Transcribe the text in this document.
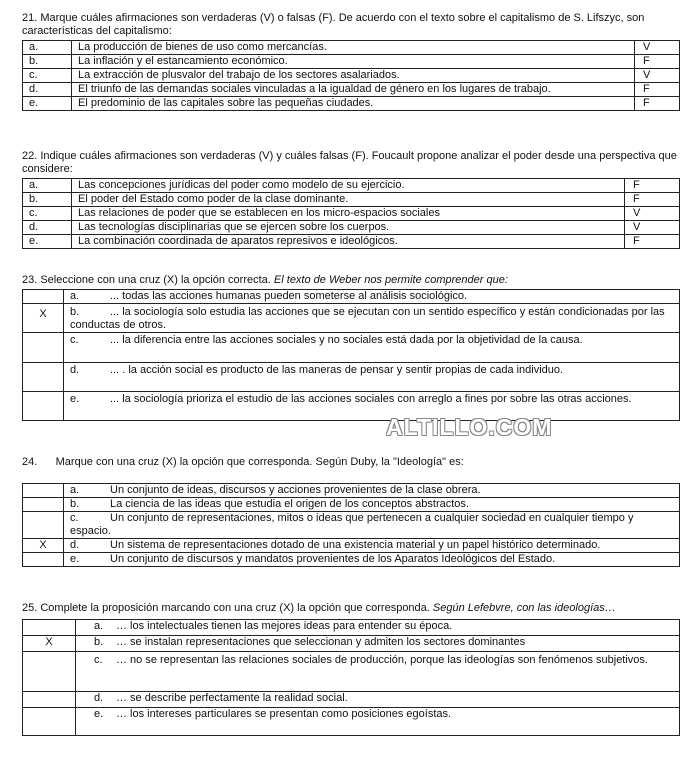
21. Marque cuáles afirmaciones son verdaderas (V) o falsas (F). De acuerdo con el texto sobre el capitalismo de S. Lifszyc, son características del capitalismo:

a.	La producción de bienes de uso como mercancías.	V
b.	La inflación y el estancamiento económico.	F
c.	La extracción de plusvalor del trabajo de los sectores asalariados.	V
d.	El triunfo de las demandas sociales vinculadas a la igualdad de género en los lugares de trabajo.	F
e.	El predominio de las capitales sobre las pequeñas ciudades.	F

22. Indique cuáles afirmaciones son verdaderas (V) y cuáles falsas (F). Foucault propone analizar el poder desde una perspectiva que considere:

a.	Las concepciones jurídicas del poder como modelo de su ejercicio.	F
b.	El poder del Estado como poder de la clase dominante.	F
c.	Las relaciones de poder que se establecen en los micro-espacios sociales	V
d.	Las tecnologías disciplinarias que se ejercen sobre los cuerpos.	V
e.	La combinación coordinada de aparatos represivos e ideológicos.	F

23. Seleccione con una cruz (X) la opción correcta. El texto de Weber nos permite comprender que:

	a. ... todas las acciones humanas pueden someterse al análisis sociológico.
X	b. ... la sociología solo estudia las acciones que se ejecutan con un sentido específico y están condicionadas por las conductas de otros.
	c. ... la diferencia entre las acciones sociales y no sociales está dada por la objetividad de la causa.
	d. ... . la acción social es producto de las maneras de pensar y sentir propias de cada individuo.
	e. ... la sociología prioriza el estudio de las acciones sociales con arreglo a fines por sobre las otras acciones.
ALTILLO.COM

24.      Marque con una cruz (X) la opción que corresponda. Según Duby, la "Ideología" es:

	a. Un conjunto de ideas, discursos y acciones provenientes de la clase obrera.
	b. La ciencia de las ideas que estudia el origen de los conceptos abstractos.
	c. Un conjunto de representaciones, mitos o ideas que pertenecen a cualquier sociedad en cualquier tiempo y espacio.
X	d. Un sistema de representaciones dotado de una existencia material y un papel histórico determinado.
	e. Un conjunto de discursos y mandatos provenientes de los Aparatos Ideológicos del Estado.

25. Complete la proposición marcando con una cruz (X) la opción que corresponda. Según Lefebvre, con las ideologías…

	a. … los intelectuales tienen las mejores ideas para entender su época.
X	b. … se instalan representaciones que seleccionan y admiten los sectores dominantes
	c. … no se representan las relaciones sociales de producción, porque las ideologías son fenómenos subjetivos.
	d. … se describe perfectamente la realidad social.
	e. … los intereses particulares se presentan como posiciones egoístas.
